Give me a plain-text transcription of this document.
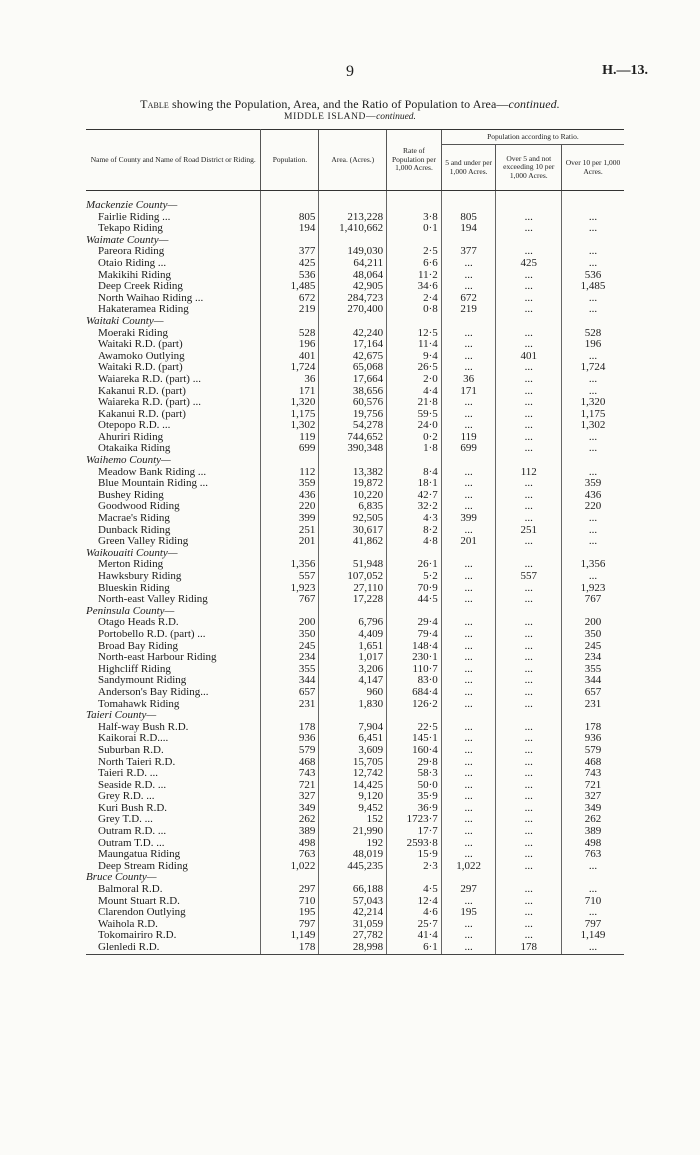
9	H.—13.
Table showing the Population, Area, and the Ratio of Population to Area—continued.
MIDDLE ISLAND—continued.
Name of County and Name of Road District or Riding.	Population.	Area. (Acres.)	Rate of Population per 1,000 Acres.	Population according to Ratio.		
				5 and under per 1,000 Acres.	Over 5 and not exceeding 10 per 1,000 Acres.	Over 10 per 1,000 Acres.

Mackenzie County—						
Fairlie Riding ...	805	213,228	3·8	805	...	...
Tekapo Riding	194	1,410,662	0·1	194	...	...
Waimate County—						
Pareora Riding	377	149,030	2·5	377	...	...
Otaio Riding ...	425	64,211	6·6	...	425	...
Makikihi Riding	536	48,064	11·2	...	...	536
Deep Creek Riding	1,485	42,905	34·6	...	...	1,485
North Waihao Riding ...	672	284,723	2·4	672	...	...
Hakateramea Riding	219	270,400	0·8	219	...	...
Waitaki County—						
Moeraki Riding	528	42,240	12·5	...	...	528
Waitaki R.D. (part)	196	17,164	11·4	...	...	196
Awamoko Outlying	401	42,675	9·4	...	401	...
Waitaki R.D. (part)	1,724	65,068	26·5	...	...	1,724
Waiareka R.D. (part) ...	36	17,664	2·0	36	...	...
Kakanui R.D. (part)	171	38,656	4·4	171	...	...
Waiareka R.D. (part) ...	1,320	60,576	21·8	...	...	1,320
Kakanui R.D. (part)	1,175	19,756	59·5	...	...	1,175
Otepopo R.D. ...	1,302	54,278	24·0	...	...	1,302
Ahuriri Riding	119	744,652	0·2	119	...	...
Otakaika Riding	699	390,348	1·8	699	...	...
Waihemo County—						
Meadow Bank Riding ...	112	13,382	8·4	...	112	...
Blue Mountain Riding ...	359	19,872	18·1	...	...	359
Bushey Riding	436	10,220	42·7	...	...	436
Goodwood Riding	220	6,835	32·2	...	...	220
Macrae's Riding	399	92,505	4·3	399	...	...
Dunback Riding	251	30,617	8·2	...	251	...
Green Valley Riding	201	41,862	4·8	201	...	...
Waikouaiti County—						
Merton Riding	1,356	51,948	26·1	...	...	1,356
Hawksbury Riding	557	107,052	5·2	...	557	...
Blueskin Riding	1,923	27,110	70·9	...	...	1,923
North-east Valley Riding	767	17,228	44·5	...	...	767
Peninsula County—						
Otago Heads R.D.	200	6,796	29·4	...	...	200
Portobello R.D. (part) ...	350	4,409	79·4	...	...	350
Broad Bay Riding	245	1,651	148·4	...	...	245
North-east Harbour Riding	234	1,017	230·1	...	...	234
Highcliff Riding	355	3,206	110·7	...	...	355
Sandymount Riding	344	4,147	83·0	...	...	344
Anderson's Bay Riding...	657	960	684·4	...	...	657
Tomahawk Riding	231	1,830	126·2	...	...	231
Taieri County—						
Half-way Bush R.D.	178	7,904	22·5	...	...	178
Kaikorai R.D....	936	6,451	145·1	...	...	936
Suburban R.D.	579	3,609	160·4	...	...	579
North Taieri R.D.	468	15,705	29·8	...	...	468
Taieri R.D. ...	743	12,742	58·3	...	...	743
Seaside R.D. ...	721	14,425	50·0	...	...	721
Grey R.D. ...	327	9,120	35·9	...	...	327
Kuri Bush R.D.	349	9,452	36·9	...	...	349
Grey T.D. ...	262	152	1723·7	...	...	262
Outram R.D. ...	389	21,990	17·7	...	...	389
Outram T.D. ...	498	192	2593·8	...	...	498
Maungatua Riding	763	48,019	15·9	...	...	763
Deep Stream Riding	1,022	445,235	2·3	1,022	...	...
Bruce County—						
Balmoral R.D.	297	66,188	4·5	297	...	...
Mount Stuart R.D.	710	57,043	12·4	...	...	710
Clarendon Outlying	195	42,214	4·6	195	...	...
Waihola R.D.	797	31,059	25·7	...	...	797
Tokomairiro R.D.	1,149	27,782	41·4	...	...	1,149
Glenledi R.D.	178	28,998	6·1	...	178	...
